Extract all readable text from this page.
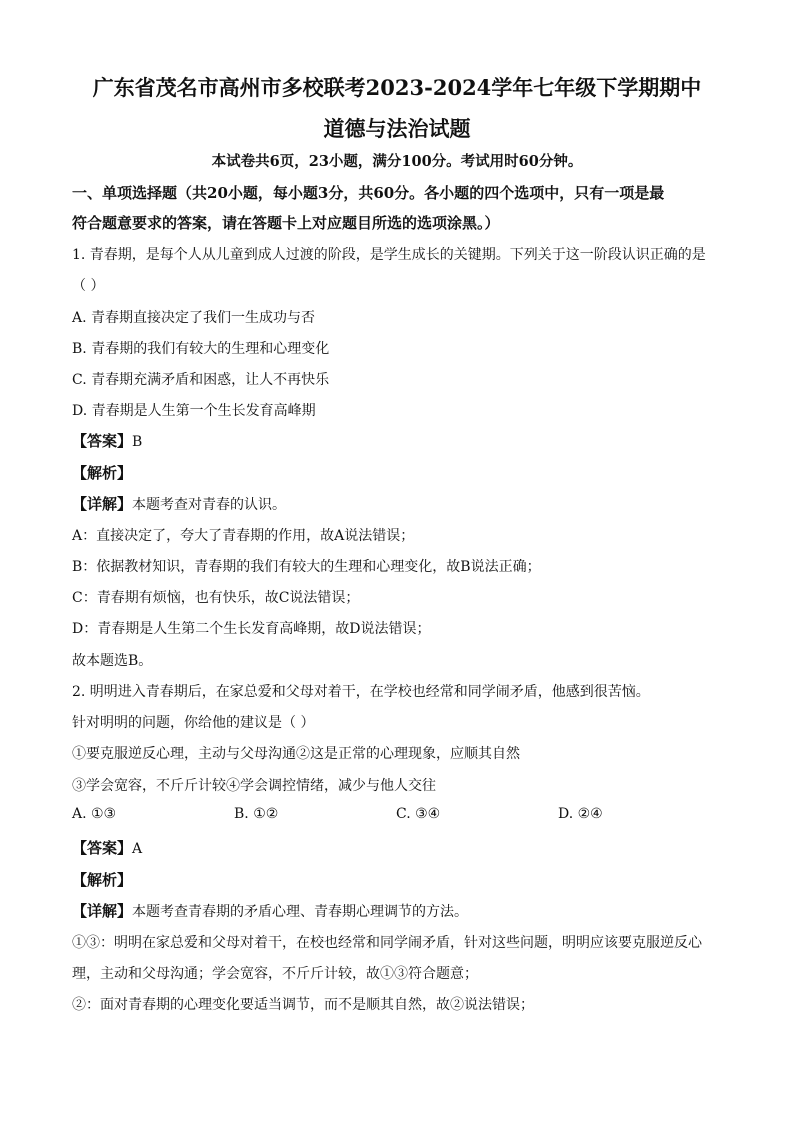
广东省茂名市高州市多校联考2023-2024学年七年级下学期期中
道德与法治试题
本试卷共6页，23小题，满分100分。考试用时60分钟。
一、单项选择题（共20小题，每小题3分，共60分。各小题的四个选项中，只有一项是最
符合题意要求的答案，请在答题卡上对应题目所选的选项涂黑。）
1. 青春期，是每个人从儿童到成人过渡的阶段，是学生成长的关键期。下列关于这一阶段认识正确的是
（ ）
A. 青春期直接决定了我们一生成功与否
B. 青春期的我们有较大的生理和心理变化
C. 青春期充满矛盾和困惑，让人不再快乐
D. 青春期是人生第一个生长发育高峰期
【答案】B
【解析】
【详解】本题考查对青春的认识。
A：直接决定了，夸大了青春期的作用，故A说法错误；
B：依据教材知识，青春期的我们有较大的生理和心理变化，故B说法正确；
C：青春期有烦恼，也有快乐，故C说法错误；
D：青春期是人生第二个生长发育高峰期，故D说法错误；
故本题选B。
2. 明明进入青春期后，在家总爱和父母对着干，在学校也经常和同学闹矛盾，他感到很苦恼。
针对明明的问题，你给他的建议是（ ）
①要克服逆反心理，主动与父母沟通②这是正常的心理现象，应顺其自然
③学会宽容，不斤斤计较④学会调控情绪，减少与他人交往
A. ①③	B. ①②	C. ③④	D. ②④
【答案】A
【解析】
【详解】本题考查青春期的矛盾心理、青春期心理调节的方法。
①③：明明在家总爱和父母对着干，在校也经常和同学闹矛盾，针对这些问题，明明应该要克服逆反心
理，主动和父母沟通；学会宽容，不斤斤计较，故①③符合题意；
②：面对青春期的心理变化要适当调节，而不是顺其自然，故②说法错误；
